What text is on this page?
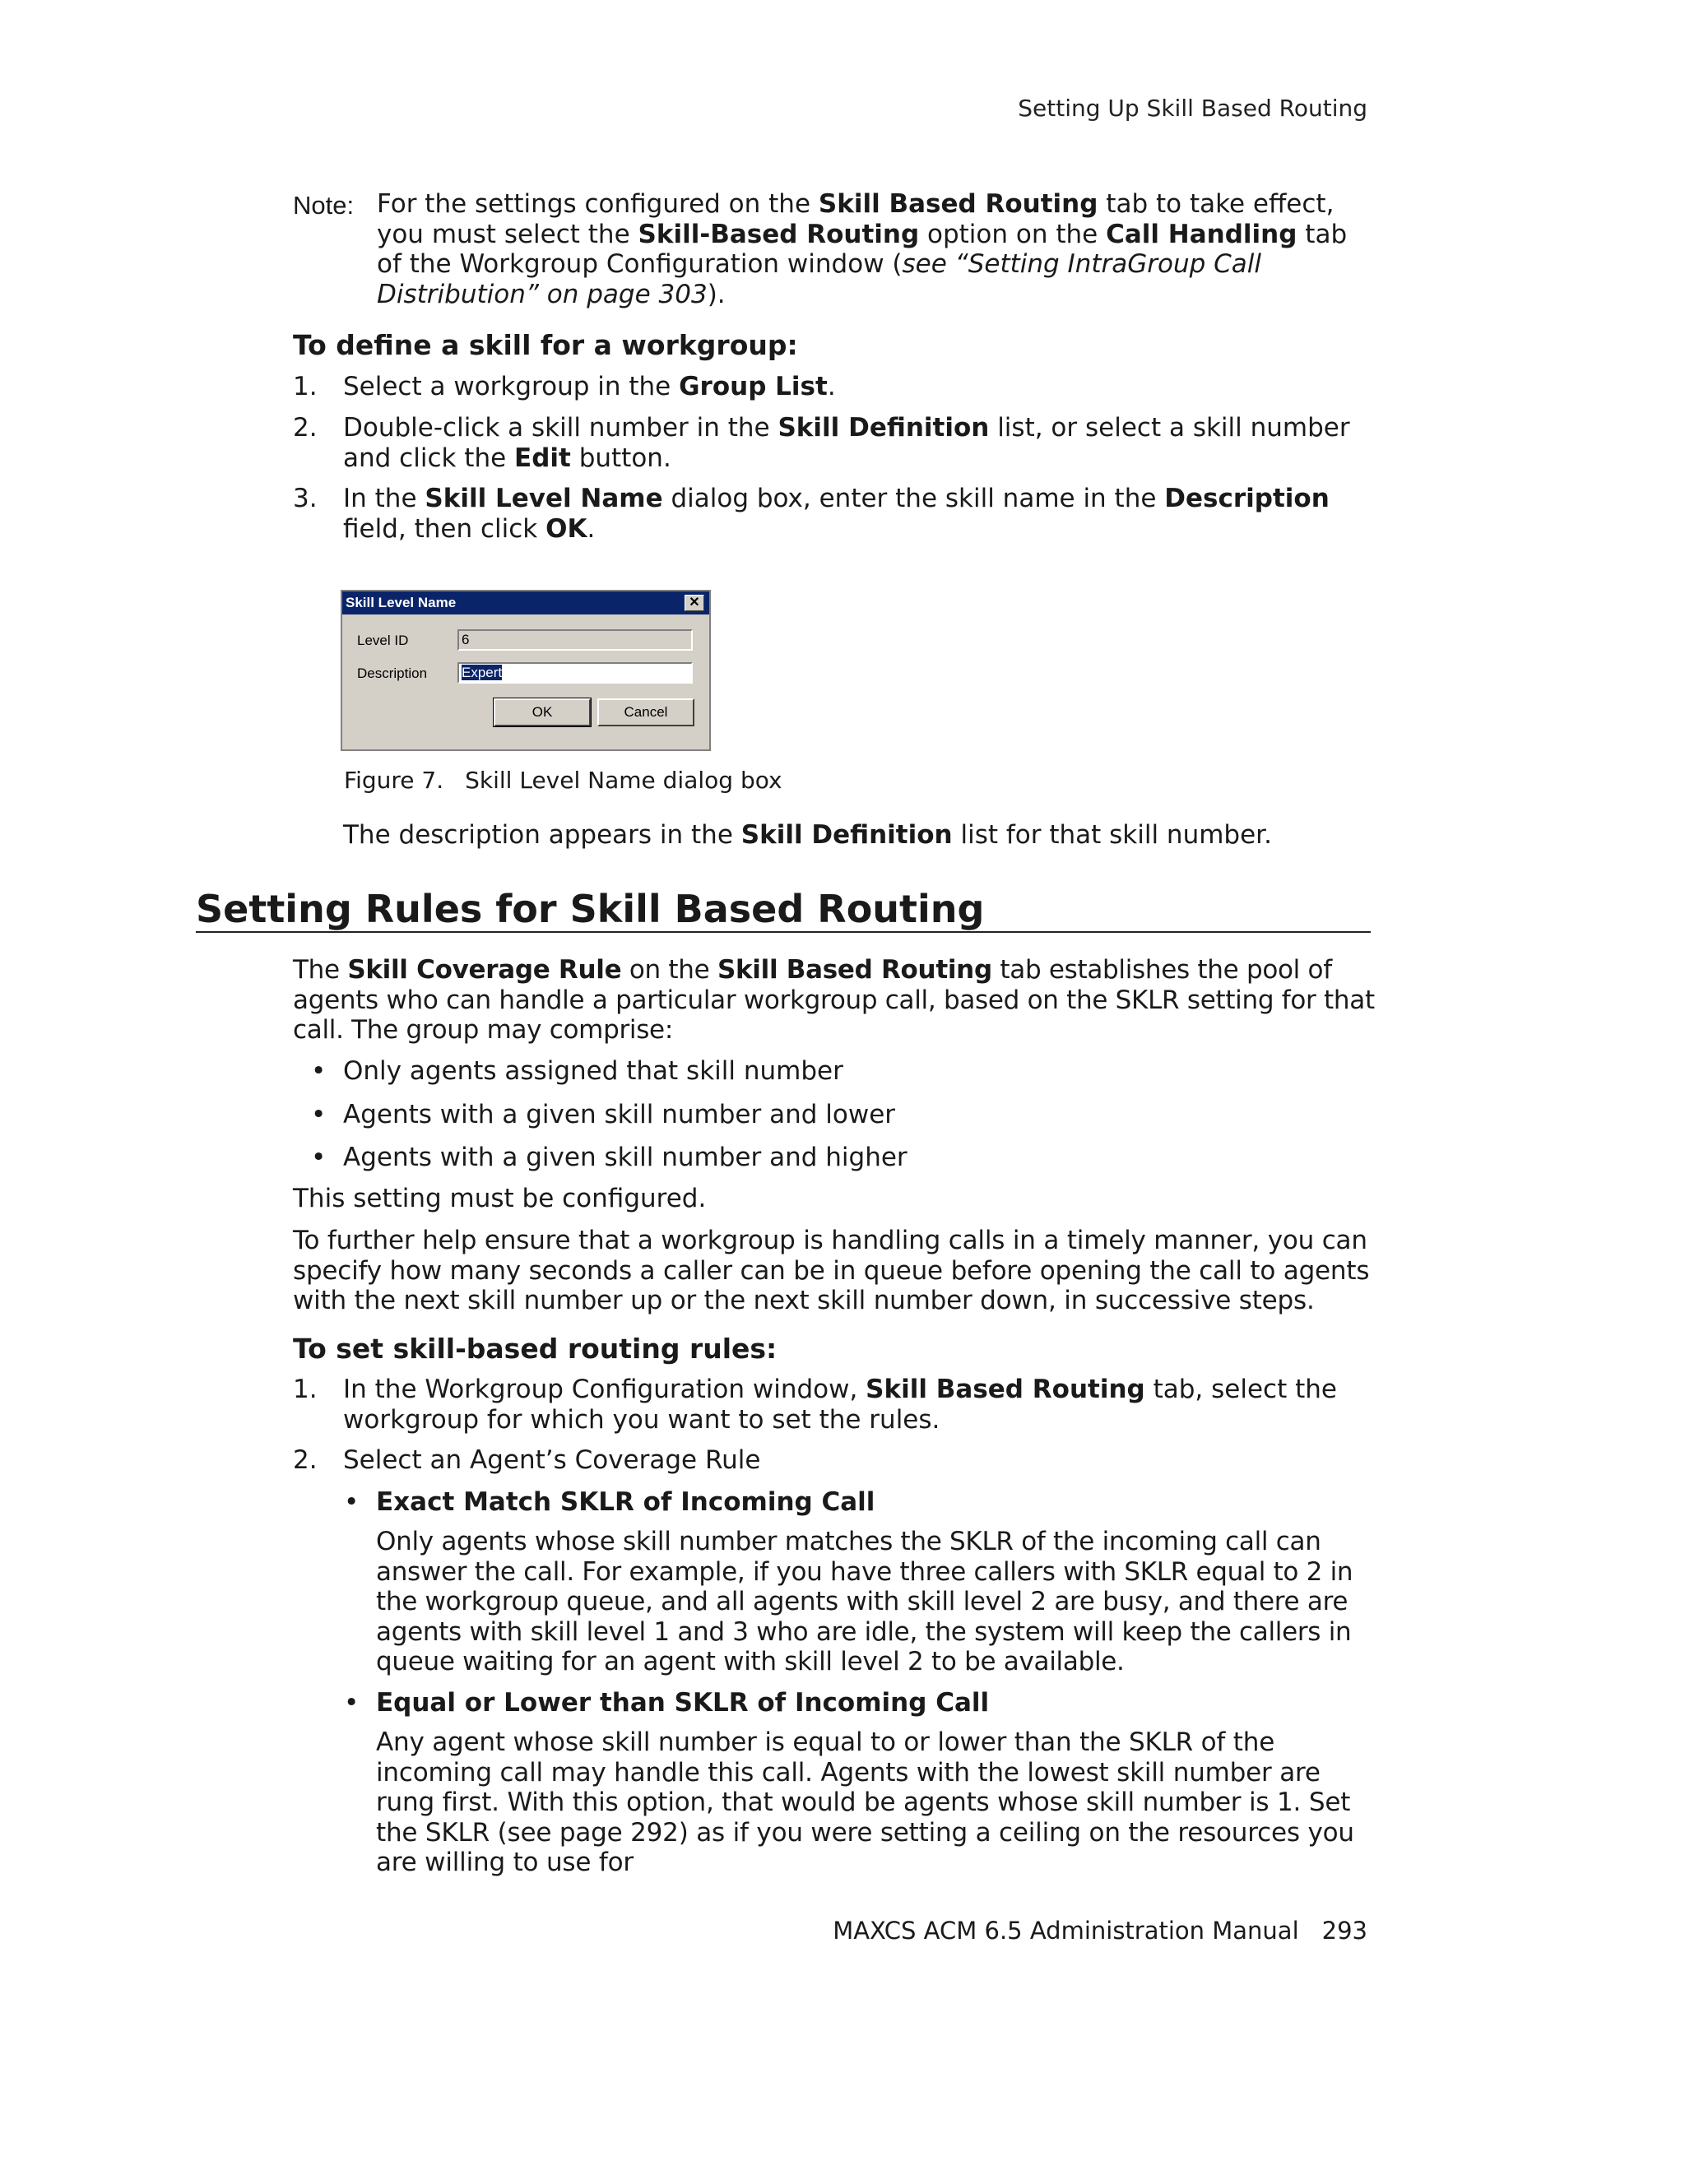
Setting Up Skill Based Routing
Note: For the settings configured on the Skill Based Routing tab to take effect, you must select the Skill-Based Routing option on the Call Handling tab of the Workgroup Configuration window (see “Setting IntraGroup Call Distribution” on page 303).

To define a skill for a workgroup:
1. Select a workgroup in the Group List.

2. Double-click a skill number in the Skill Definition list, or select a skill number and click the Edit button.

3. In the Skill Level Name dialog box, enter the skill name in the Description field, then click OK.

Skill Level Name	✕
Level ID	6
Description Expert
OK	Cancel
Figure 7. Skill Level Name dialog box

The description appears in the Skill Definition list for that skill number.

Setting Rules for Skill Based Routing

The Skill Coverage Rule on the Skill Based Routing tab establishes the pool of agents who can handle a particular workgroup call, based on the SKLR setting for that call. The group may comprise:

• Only agents assigned that skill number

• Agents with a given skill number and lower

• Agents with a given skill number and higher

This setting must be configured.

To further help ensure that a workgroup is handling calls in a timely manner, you can specify how many seconds a caller can be in queue before opening the call to agents with the next skill number up or the next skill number down, in successive steps.

To set skill-based routing rules:
1. In the Workgroup Configuration window, Skill Based Routing tab, select the workgroup for which you want to set the rules.

2. Select an Agent’s Coverage Rule

• Exact Match SKLR of Incoming Call

Only agents whose skill number matches the SKLR of the incoming call can answer the call. For example, if you have three callers with SKLR equal to 2 in the workgroup queue, and all agents with skill level 2 are busy, and there are agents with skill level 1 and 3 who are idle, the system will keep the callers in queue waiting for an agent with skill level 2 to be available.

• Equal or Lower than SKLR of Incoming Call

Any agent whose skill number is equal to or lower than the SKLR of the incoming call may handle this call. Agents with the lowest skill number are rung first. With this option, that would be agents whose skill number is 1. Set the SKLR (see page 292) as if you were setting a ceiling on the resources you are willing to use for

MAXCS ACM 6.5 Administration Manual 293
